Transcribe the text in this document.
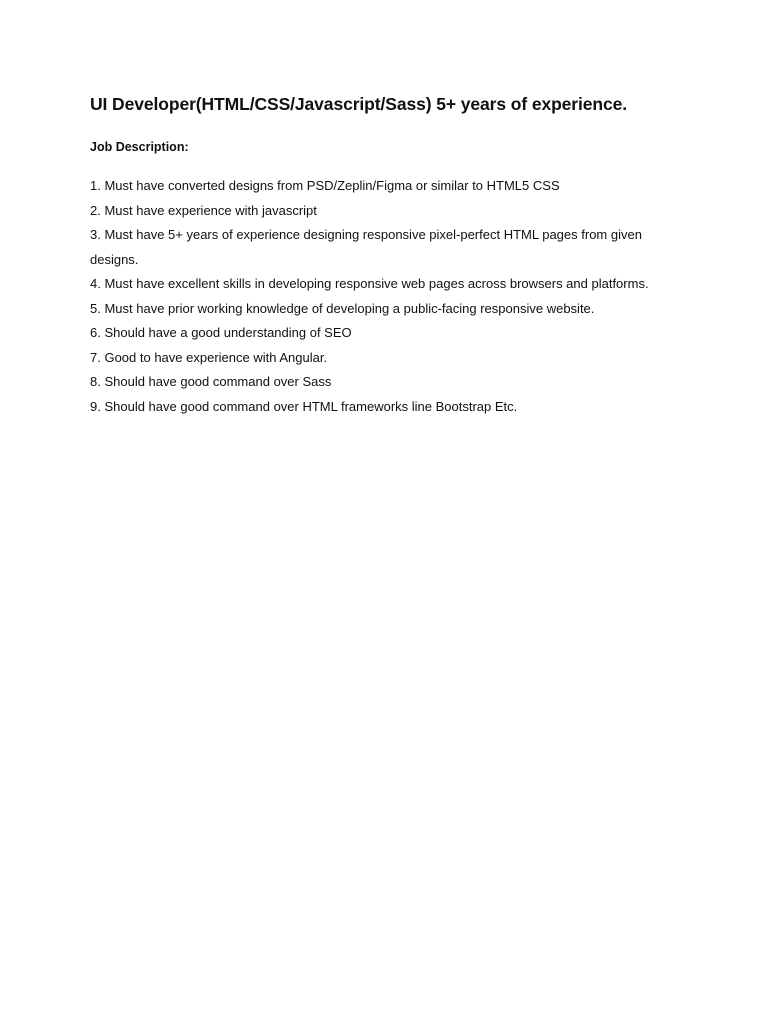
UI Developer(HTML/CSS/Javascript/Sass) 5+ years of experience.
Job Description:
1. Must have converted designs from PSD/Zeplin/Figma or similar to HTML5 CSS
2. Must have experience with javascript
3. Must have 5+ years of experience designing responsive pixel-perfect HTML pages from given designs.
4. Must have excellent skills in developing responsive web pages across browsers and platforms.
5. Must have prior working knowledge of developing a public-facing responsive website.
6. Should have a good understanding of SEO
7. Good to have experience with Angular.
8. Should have good command over Sass
9. Should have good command over HTML frameworks line Bootstrap Etc.
